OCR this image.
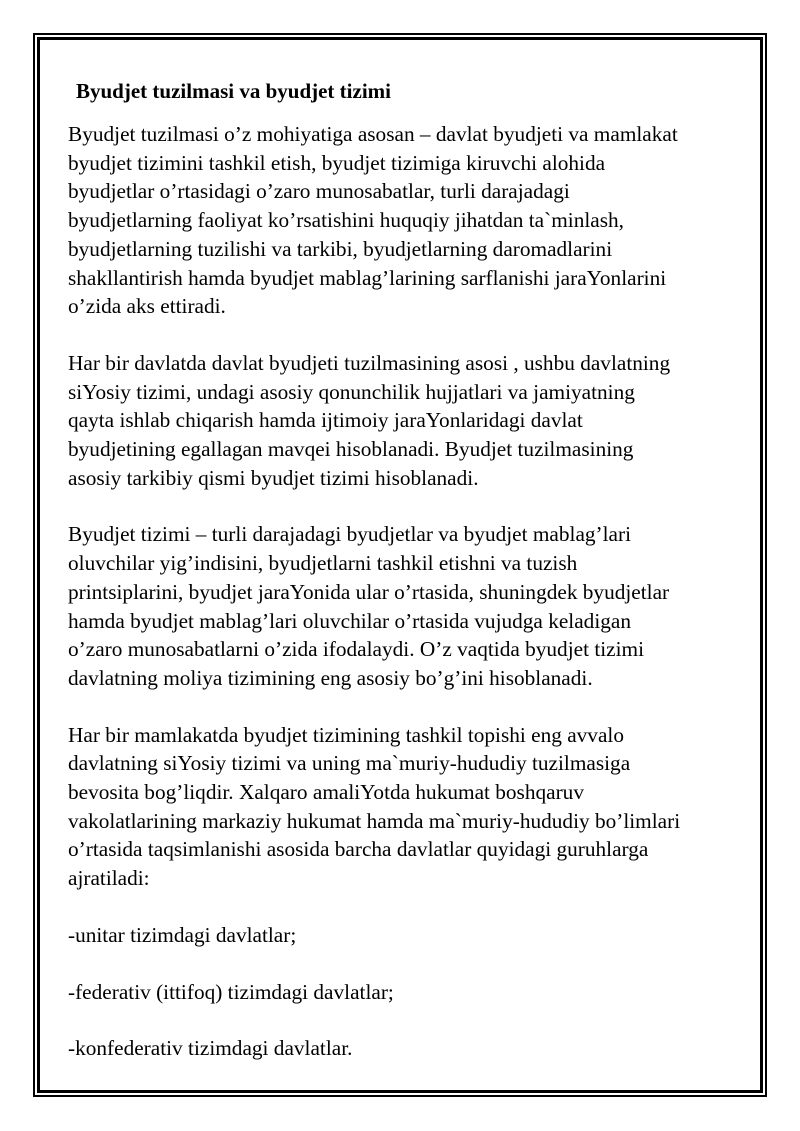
Byudjet tuzilmasi va byudjet tizimi
Byudjet tuzilmasi o’z mohiyatiga asosan – davlat byudjeti va mamlakat
byudjet tizimini tashkil etish, byudjet tizimiga kiruvchi alohida
byudjetlar o’rtasidagi o’zaro munosabatlar, turli darajadagi
byudjetlarning faoliyat ko’rsatishini huquqiy jihatdan ta`minlash,
byudjetlarning tuzilishi va tarkibi, byudjetlarning daromadlarini
shakllantirish hamda byudjet mablag’larining sarflanishi jaraYonlarini
o’zida aks ettiradi.
Har bir davlatda davlat byudjeti tuzilmasining asosi , ushbu davlatning
siYosiy tizimi, undagi asosiy qonunchilik hujjatlari va jamiyatning
qayta ishlab chiqarish hamda ijtimoiy jaraYonlaridagi davlat
byudjetining egallagan mavqei hisoblanadi. Byudjet tuzilmasining
asosiy tarkibiy qismi byudjet tizimi hisoblanadi.
Byudjet tizimi – turli darajadagi byudjetlar va byudjet mablag’lari
oluvchilar yig’indisini, byudjetlarni tashkil etishni va tuzish
printsiplarini, byudjet jaraYonida ular o’rtasida, shuningdek byudjetlar
hamda byudjet mablag’lari oluvchilar o’rtasida vujudga keladigan
o’zaro munosabatlarni o’zida ifodalaydi. O’z vaqtida byudjet tizimi
davlatning moliya tizimining eng asosiy bo’g’ini hisoblanadi.
Har bir mamlakatda byudjet tizimining tashkil topishi eng avvalo
davlatning siYosiy tizimi va uning ma`muriy-hududiy tuzilmasiga
bevosita bog’liqdir. Xalqaro amaliYotda hukumat boshqaruv
vakolatlarining markaziy hukumat hamda ma`muriy-hududiy bo’limlari
o’rtasida taqsimlanishi asosida barcha davlatlar quyidagi guruhlarga
ajratiladi:
-unitar tizimdagi davlatlar;
-federativ (ittifoq) tizimdagi davlatlar;
-konfederativ tizimdagi davlatlar.
